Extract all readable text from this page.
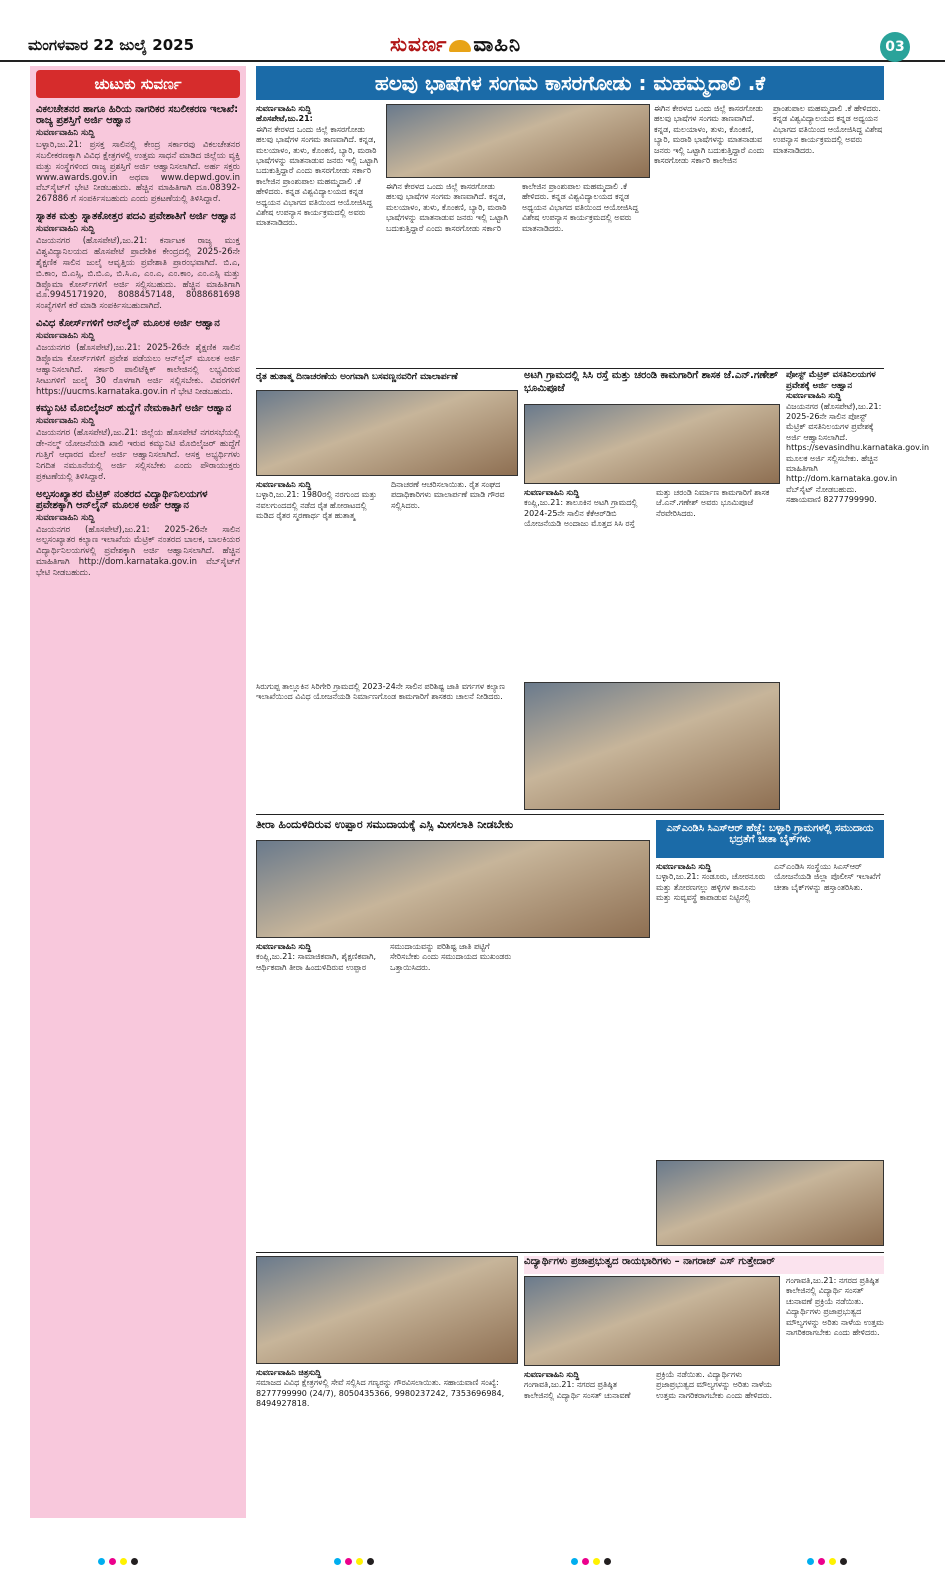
ಮಂಗಳವಾರ 22 ಜುಲೈ 2025	ಸುವರ್ಣ ವಾಹಿನಿ	03
ಚುಟುಕು ಸುವರ್ಣ
ವಿಕಲಚೇತನರ ಹಾಗೂ ಹಿರಿಯ ನಾಗರಿಕರ ಸಬಲೀಕರಣ ಇಲಾಖೆ: ರಾಜ್ಯ ಪ್ರಶಸ್ತಿಗೆ ಅರ್ಜಿ ಆಹ್ವಾನ
ಸುವರ್ಣವಾಹಿನಿ ಸುದ್ದಿ
ಬಳ್ಳಾರಿ,ಜು.21: ಪ್ರಸಕ್ತ ಸಾಲಿನಲ್ಲಿ ಕೇಂದ್ರ ಸರ್ಕಾರವು ವಿಕಲಚೇತನರ ಸಬಲೀಕರಣಕ್ಕಾಗಿ ವಿವಿಧ ಕ್ಷೇತ್ರಗಳಲ್ಲಿ ಉತ್ತಮ ಸಾಧನೆ ಮಾಡಿದ ಜಿಲ್ಲೆಯ ವ್ಯಕ್ತಿ ಮತ್ತು ಸಂಸ್ಥೆಗಳಿಂದ ರಾಜ್ಯ ಪ್ರಶಸ್ತಿಗೆ ಅರ್ಜಿ ಆಹ್ವಾನಿಸಲಾಗಿದೆ. ಅರ್ಹ ಸಕ್ತರು www.awards.gov.in ಅಥವಾ www.depwd.gov.in ವೆಬ್‌ಸೈಟ್‌ಗೆ ಭೇಟಿ ನೀಡಬಹುದು. ಹೆಚ್ಚಿನ ಮಾಹಿತಿಗಾಗಿ ದೂ.08392-267886 ಗೆ ಸಂಪರ್ಕಿಸಬಹುದು ಎಂದು ಪ್ರಕಟಣೆಯಲ್ಲಿ ತಿಳಿಸಿದ್ದಾರೆ.
ಸ್ನಾತಕ ಮತ್ತು ಸ್ನಾತಕೋತ್ತರ ಪದವಿ ಪ್ರವೇಶಾತಿಗೆ ಅರ್ಜಿ ಆಹ್ವಾನ
ಸುವರ್ಣವಾಹಿನಿ ಸುದ್ದಿ
ವಿಜಯನಗರ (ಹೊಸಪೇಟೆ),ಜು.21: ಕರ್ನಾಟಕ ರಾಜ್ಯ ಮುಕ್ತ ವಿಶ್ವವಿದ್ಯಾನಿಲಯದ ಹೊಸಪೇಟೆ ಪ್ರಾದೇಶಿಕ ಕೇಂದ್ರದಲ್ಲಿ 2025-26ನೇ ಶೈಕ್ಷಣಿಕ ಸಾಲಿನ ಜುಲೈ ಆವೃತ್ತಿಯ ಪ್ರವೇಶಾತಿ ಪ್ರಾರಂಭವಾಗಿದೆ. ಬಿ.ಎ, ಬಿ.ಕಾಂ, ಬಿ.ಎಸ್ಸಿ, ಬಿ.ಬಿ.ಎ, ಬಿ.ಸಿ.ಎ, ಎಂ.ಎ, ಎಂ.ಕಾಂ, ಎಂ.ಎಸ್ಸಿ ಮತ್ತು ಡಿಪ್ಲೊಮಾ ಕೋರ್ಸ್‌ಗಳಿಗೆ ಅರ್ಜಿ ಸಲ್ಲಿಸಬಹುದು. ಹೆಚ್ಚಿನ ಮಾಹಿತಿಗಾಗಿ ಮೊ.9945171920, 8088457148, 8088681698 ಸಂಖ್ಯೆಗಳಿಗೆ ಕರೆ ಮಾಡಿ ಸಂಪರ್ಕಿಸಬಹುದಾಗಿದೆ.
ವಿವಿಧ ಕೋರ್ಸ್‌ಗಳಿಗೆ ಆನ್‌ಲೈನ್ ಮೂಲಕ ಅರ್ಜಿ ಆಹ್ವಾನ
ಸುವರ್ಣವಾಹಿನಿ ಸುದ್ದಿ
ವಿಜಯನಗರ (ಹೊಸಪೇಟೆ),ಜು.21: 2025-26ನೇ ಶೈಕ್ಷಣಿಕ ಸಾಲಿನ ಡಿಪ್ಲೊಮಾ ಕೋರ್ಸ್‌ಗಳಿಗೆ ಪ್ರವೇಶ ಪಡೆಯಲು ಆನ್‌ಲೈನ್ ಮೂಲಕ ಅರ್ಜಿ ಆಹ್ವಾನಿಸಲಾಗಿದೆ. ಸರ್ಕಾರಿ ಪಾಲಿಟೆಕ್ನಿಕ್ ಕಾಲೇಜಿನಲ್ಲಿ ಲಭ್ಯವಿರುವ ಸೀಟುಗಳಿಗೆ ಜುಲೈ 30 ರೊಳಗಾಗಿ ಅರ್ಜಿ ಸಲ್ಲಿಸಬೇಕು. ವಿವರಗಳಿಗೆ https://uucms.karnataka.gov.in ಗೆ ಭೇಟಿ ನೀಡಬಹುದು.
ಕಮ್ಯುನಿಟಿ ಮೊಬಿಲೈಜರ್ ಹುದ್ದೆಗೆ ನೇಮಕಾತಿಗೆ ಅರ್ಜಿ ಆಹ್ವಾನ
ಸುವರ್ಣವಾಹಿನಿ ಸುದ್ದಿ
ವಿಜಯನಗರ (ಹೊಸಪೇಟೆ),ಜು.21: ಜಿಲ್ಲೆಯ ಹೊಸಪೇಟೆ ನಗರಸಭೆಯಲ್ಲಿ ಡೇ-ನಲ್ಮ್ ಯೋಜನೆಯಡಿ ಖಾಲಿ ಇರುವ ಕಮ್ಯುನಿಟಿ ಮೊಬಿಲೈಜರ್ ಹುದ್ದೆಗೆ ಗುತ್ತಿಗೆ ಆಧಾರದ ಮೇಲೆ ಅರ್ಜಿ ಆಹ್ವಾನಿಸಲಾಗಿದೆ. ಆಸಕ್ತ ಅಭ್ಯರ್ಥಿಗಳು ನಿಗದಿತ ನಮೂನೆಯಲ್ಲಿ ಅರ್ಜಿ ಸಲ್ಲಿಸಬೇಕು ಎಂದು ಪೌರಾಯುಕ್ತರು ಪ್ರಕಟಣೆಯಲ್ಲಿ ತಿಳಿಸಿದ್ದಾರೆ.
ಅಲ್ಪಸಂಖ್ಯಾತರ ಮೆಟ್ರಿಕ್ ನಂತರದ ವಿದ್ಯಾರ್ಥಿನಿಲಯಗಳ ಪ್ರವೇಶಕ್ಕಾಗಿ ಆನ್‌ಲೈನ್ ಮೂಲಕ ಅರ್ಜಿ ಆಹ್ವಾನ
ಸುವರ್ಣವಾಹಿನಿ ಸುದ್ದಿ
ವಿಜಯನಗರ (ಹೊಸಪೇಟೆ),ಜು.21: 2025-26ನೇ ಸಾಲಿನ ಅಲ್ಪಸಂಖ್ಯಾತರ ಕಲ್ಯಾಣ ಇಲಾಖೆಯ ಮೆಟ್ರಿಕ್ ನಂತರದ ಬಾಲಕ, ಬಾಲಕಿಯರ ವಿದ್ಯಾರ್ಥಿನಿಲಯಗಳಲ್ಲಿ ಪ್ರವೇಶಕ್ಕಾಗಿ ಅರ್ಜಿ ಆಹ್ವಾನಿಸಲಾಗಿದೆ. ಹೆಚ್ಚಿನ ಮಾಹಿತಿಗಾಗಿ http://dom.karnataka.gov.in ವೆಬ್‌ಸೈಟ್‌ಗೆ ಭೇಟಿ ನೀಡಬಹುದು.
ಹಲವು ಭಾಷೆಗಳ ಸಂಗಮ ಕಾಸರಗೋಡು : ಮಹಮ್ಮದಾಲಿ .ಕೆ
ಸುವರ್ಣವಾಹಿನಿ ಸುದ್ದಿ
ಹೊಸಪೇಟೆ,ಜು.21:
ಈಗಿನ ಕೇರಳದ ಒಂದು ಜಿಲ್ಲೆ ಕಾಸರಗೋಡು ಹಲವು ಭಾಷೆಗಳ ಸಂಗಮ ತಾಣವಾಗಿದೆ. ಕನ್ನಡ, ಮಲಯಾಳಂ, ತುಳು, ಕೊಂಕಣಿ, ಬ್ಯಾರಿ, ಮರಾಠಿ ಭಾಷೆಗಳನ್ನು ಮಾತನಾಡುವ ಜನರು ಇಲ್ಲಿ ಒಟ್ಟಾಗಿ ಬದುಕುತ್ತಿದ್ದಾರೆ ಎಂದು ಕಾಸರಗೋಡು ಸರ್ಕಾರಿ ಕಾಲೇಜಿನ ಪ್ರಾಂಶುಪಾಲ ಮಹಮ್ಮದಾಲಿ .ಕೆ ಹೇಳಿದರು. ಕನ್ನಡ ವಿಶ್ವವಿದ್ಯಾಲಯದ ಕನ್ನಡ ಅಧ್ಯಯನ ವಿಭಾಗದ ವತಿಯಿಂದ ಆಯೋಜಿಸಿದ್ದ ವಿಶೇಷ ಉಪನ್ಯಾಸ ಕಾರ್ಯಕ್ರಮದಲ್ಲಿ ಅವರು ಮಾತನಾಡಿದರು.
ಈಗಿನ ಕೇರಳದ ಒಂದು ಜಿಲ್ಲೆ ಕಾಸರಗೋಡು ಹಲವು ಭಾಷೆಗಳ ಸಂಗಮ ತಾಣವಾಗಿದೆ. ಕನ್ನಡ, ಮಲಯಾಳಂ, ತುಳು, ಕೊಂಕಣಿ, ಬ್ಯಾರಿ, ಮರಾಠಿ ಭಾಷೆಗಳನ್ನು ಮಾತನಾಡುವ ಜನರು ಇಲ್ಲಿ ಒಟ್ಟಾಗಿ ಬದುಕುತ್ತಿದ್ದಾರೆ ಎಂದು ಕಾಸರಗೋಡು ಸರ್ಕಾರಿ ಕಾಲೇಜಿನ ಪ್ರಾಂಶುಪಾಲ ಮಹಮ್ಮದಾಲಿ .ಕೆ ಹೇಳಿದರು. ಕನ್ನಡ ವಿಶ್ವವಿದ್ಯಾಲಯದ ಕನ್ನಡ ಅಧ್ಯಯನ ವಿಭಾಗದ ವತಿಯಿಂದ ಆಯೋಜಿಸಿದ್ದ ವಿಶೇಷ ಉಪನ್ಯಾಸ ಕಾರ್ಯಕ್ರಮದಲ್ಲಿ ಅವರು ಮಾತನಾಡಿದರು.
ಈಗಿನ ಕೇರಳದ ಒಂದು ಜಿಲ್ಲೆ ಕಾಸರಗೋಡು ಹಲವು ಭಾಷೆಗಳ ಸಂಗಮ ತಾಣವಾಗಿದೆ. ಕನ್ನಡ, ಮಲಯಾಳಂ, ತುಳು, ಕೊಂಕಣಿ, ಬ್ಯಾರಿ, ಮರಾಠಿ ಭಾಷೆಗಳನ್ನು ಮಾತನಾಡುವ ಜನರು ಇಲ್ಲಿ ಒಟ್ಟಾಗಿ ಬದುಕುತ್ತಿದ್ದಾರೆ ಎಂದು ಕಾಸರಗೋಡು ಸರ್ಕಾರಿ ಕಾಲೇಜಿನ ಪ್ರಾಂಶುಪಾಲ ಮಹಮ್ಮದಾಲಿ .ಕೆ ಹೇಳಿದರು. ಕನ್ನಡ ವಿಶ್ವವಿದ್ಯಾಲಯದ ಕನ್ನಡ ಅಧ್ಯಯನ ವಿಭಾಗದ ವತಿಯಿಂದ ಆಯೋಜಿಸಿದ್ದ ವಿಶೇಷ ಉಪನ್ಯಾಸ ಕಾರ್ಯಕ್ರಮದಲ್ಲಿ ಅವರು ಮಾತನಾಡಿದರು.
ರೈತ ಹುತಾತ್ಮ ದಿನಾಚರಣೆಯ ಅಂಗವಾಗಿ ಬಸವಣ್ಣನವರಿಗೆ ಮಾಲಾರ್ಪಣೆ
ಸುವರ್ಣವಾಹಿನಿ ಸುದ್ದಿ
ಬಳ್ಳಾರಿ,ಜು.21: 1980ರಲ್ಲಿ ನರಗುಂದ ಮತ್ತು ನವಲಗುಂದದಲ್ಲಿ ನಡೆದ ರೈತ ಹೋರಾಟದಲ್ಲಿ ಮಡಿದ ರೈತರ ಸ್ಮರಣಾರ್ಥ ರೈತ ಹುತಾತ್ಮ ದಿನಾಚರಣೆ ಆಚರಿಸಲಾಯಿತು. ರೈತ ಸಂಘದ ಪದಾಧಿಕಾರಿಗಳು ಮಾಲಾರ್ಪಣೆ ಮಾಡಿ ಗೌರವ ಸಲ್ಲಿಸಿದರು.
ಅಟಗಿ ಗ್ರಾಮದಲ್ಲಿ ಸಿಸಿ ರಸ್ತೆ ಮತ್ತು ಚರಂಡಿ ಕಾಮಗಾರಿಗೆ ಶಾಸಕ ಜೆ.ಎನ್.ಗಣೇಶ್ ಭೂಮಿಪೂಜೆ
ಸುವರ್ಣವಾಹಿನಿ ಸುದ್ದಿ
ಕಂಪ್ಲಿ,ಜು.21: ತಾಲೂಕಿನ ಅಟಗಿ ಗ್ರಾಮದಲ್ಲಿ 2024-25ನೇ ಸಾಲಿನ ಕೆಕೆಆರ್‌ಡಿಬಿ ಯೋಜನೆಯಡಿ ಅಂದಾಜು ಮೊತ್ತದ ಸಿಸಿ ರಸ್ತೆ ಮತ್ತು ಚರಂಡಿ ನಿರ್ಮಾಣ ಕಾಮಗಾರಿಗೆ ಶಾಸಕ ಜೆ.ಎನ್.ಗಣೇಶ್ ಅವರು ಭೂಮಿಪೂಜೆ ನೆರವೇರಿಸಿದರು.
ಪೋಸ್ಟ್ ಮೆಟ್ರಿಕ್ ವಸತಿನಿಲಯಗಳ ಪ್ರವೇಶಕ್ಕೆ ಅರ್ಜಿ ಆಹ್ವಾನ
ಸುವರ್ಣವಾಹಿನಿ ಸುದ್ದಿ
ವಿಜಯನಗರ (ಹೊಸಪೇಟೆ),ಜು.21: 2025-26ನೇ ಸಾಲಿನ ಪೋಸ್ಟ್ ಮೆಟ್ರಿಕ್ ವಸತಿನಿಲಯಗಳ ಪ್ರವೇಶಕ್ಕೆ ಅರ್ಜಿ ಆಹ್ವಾನಿಸಲಾಗಿದೆ. https://sevasindhu.karnataka.gov.in ಮೂಲಕ ಅರ್ಜಿ ಸಲ್ಲಿಸಬೇಕು. ಹೆಚ್ಚಿನ ಮಾಹಿತಿಗಾಗಿ http://dom.karnataka.gov.in ವೆಬ್‌ಸೈಟ್ ನೋಡಬಹುದು. ಸಹಾಯವಾಣಿ 8277799990.
ಸಿರುಗುಪ್ಪ ತಾಲ್ಲೂಕಿನ ಸಿರಿಗೇರಿ ಗ್ರಾಮದಲ್ಲಿ 2023-24ನೇ ಸಾಲಿನ ಪರಿಶಿಷ್ಟ ಜಾತಿ ವರ್ಗಗಳ ಕಲ್ಯಾಣ ಇಲಾಖೆಯಿಂದ ವಿವಿಧ ಯೋಜನೆಯಡಿ ನಿರ್ಮಾಣಗೊಂಡ ಕಾಮಗಾರಿಗೆ ಶಾಸಕರು ಚಾಲನೆ ನೀಡಿದರು.
ತೀರಾ ಹಿಂದುಳಿದಿರುವ ಉಪ್ಪಾರ ಸಮುದಾಯಕ್ಕೆ ಎಸ್ಸಿ ಮೀಸಲಾತಿ ನೀಡಬೇಕು
ಸುವರ್ಣವಾಹಿನಿ ಸುದ್ದಿ
ಕಂಪ್ಲಿ,ಜು.21: ಸಾಮಾಜಿಕವಾಗಿ, ಶೈಕ್ಷಣಿಕವಾಗಿ, ಆರ್ಥಿಕವಾಗಿ ತೀರಾ ಹಿಂದುಳಿದಿರುವ ಉಪ್ಪಾರ ಸಮುದಾಯವನ್ನು ಪರಿಶಿಷ್ಟ ಜಾತಿ ಪಟ್ಟಿಗೆ ಸೇರಿಸಬೇಕು ಎಂದು ಸಮುದಾಯದ ಮುಖಂಡರು ಒತ್ತಾಯಿಸಿದರು.
ಎನ್‌ಎಂಡಿಸಿ ಸಿಎಸ್‌ಆರ್ ಹೆಜ್ಜೆ: ಬಳ್ಳಾರಿ ಗ್ರಾಮಗಳಲ್ಲಿ ಸಮುದಾಯ ಭದ್ರತೆಗೆ ಚೀತಾ ಬೈಕ್‌ಗಳು
ಸುವರ್ಣವಾಹಿನಿ ಸುದ್ದಿ
ಬಳ್ಳಾರಿ,ಜು.21: ಸಂಡೂರು, ಚೋರನೂರು ಮತ್ತು ತೋರಣಗಲ್ಲು ಹಳ್ಳಿಗಳ ಕಾನೂನು ಮತ್ತು ಸುವ್ಯವಸ್ಥೆ ಕಾಪಾಡುವ ನಿಟ್ಟಿನಲ್ಲಿ ಎನ್‌ಎಂಡಿಸಿ ಸಂಸ್ಥೆಯು ಸಿಎಸ್‌ಆರ್ ಯೋಜನೆಯಡಿ ಜಿಲ್ಲಾ ಪೊಲೀಸ್ ಇಲಾಖೆಗೆ ಚೀತಾ ಬೈಕ್‌ಗಳನ್ನು ಹಸ್ತಾಂತರಿಸಿತು.
ಸುವರ್ಣವಾಹಿನಿ ಚಿತ್ರಸುದ್ದಿ
ಸಮಾಜದ ವಿವಿಧ ಕ್ಷೇತ್ರಗಳಲ್ಲಿ ಸೇವೆ ಸಲ್ಲಿಸಿದ ಗಣ್ಯರನ್ನು ಗೌರವಿಸಲಾಯಿತು. ಸಹಾಯವಾಣಿ ಸಂಖ್ಯೆ: 8277799990 (24/7), 8050435366, 9980237242, 7353696984, 8494927818.
ವಿದ್ಯಾರ್ಥಿಗಳು ಪ್ರಜಾಪ್ರಭುತ್ವದ ರಾಯಭಾರಿಗಳು – ನಾಗರಾಜ್ ಎಸ್ ಗುತ್ತೇದಾರ್
ಸುವರ್ಣವಾಹಿನಿ ಸುದ್ದಿ
ಗಂಗಾವತಿ,ಜು.21: ನಗರದ ಪ್ರತಿಷ್ಠಿತ ಕಾಲೇಜಿನಲ್ಲಿ ವಿದ್ಯಾರ್ಥಿ ಸಂಸತ್ ಚುನಾವಣೆ ಪ್ರಕ್ರಿಯೆ ನಡೆಯಿತು. ವಿದ್ಯಾರ್ಥಿಗಳು ಪ್ರಜಾಪ್ರಭುತ್ವದ ಮೌಲ್ಯಗಳನ್ನು ಅರಿತು ನಾಳೆಯ ಉತ್ತಮ ನಾಗರಿಕರಾಗಬೇಕು ಎಂದು ಹೇಳಿದರು.
ಗಂಗಾವತಿ,ಜು.21: ನಗರದ ಪ್ರತಿಷ್ಠಿತ ಕಾಲೇಜಿನಲ್ಲಿ ವಿದ್ಯಾರ್ಥಿ ಸಂಸತ್ ಚುನಾವಣೆ ಪ್ರಕ್ರಿಯೆ ನಡೆಯಿತು. ವಿದ್ಯಾರ್ಥಿಗಳು ಪ್ರಜಾಪ್ರಭುತ್ವದ ಮೌಲ್ಯಗಳನ್ನು ಅರಿತು ನಾಳೆಯ ಉತ್ತಮ ನಾಗರಿಕರಾಗಬೇಕು ಎಂದು ಹೇಳಿದರು.
